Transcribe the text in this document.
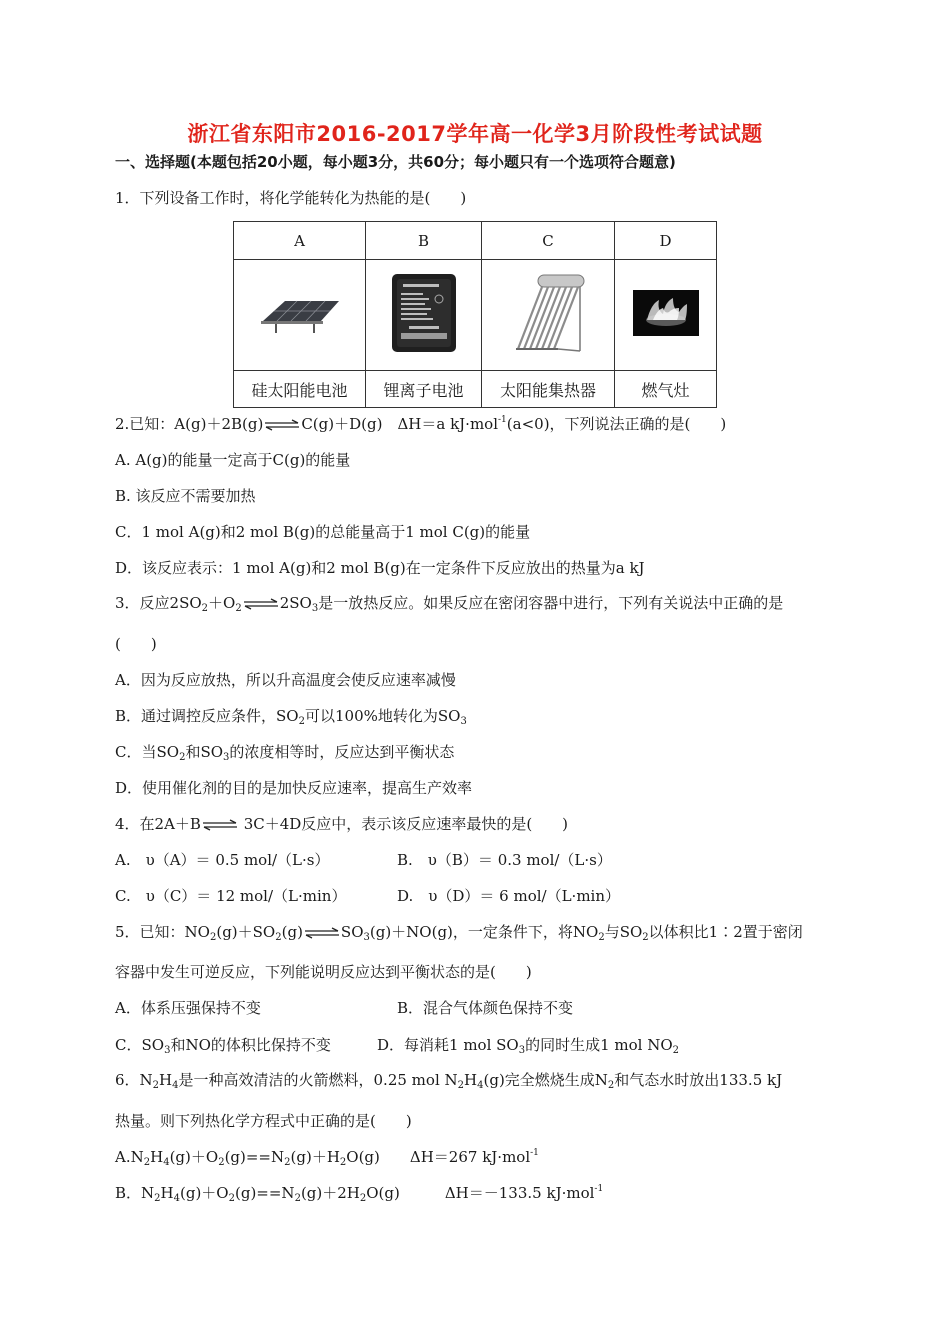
浙江省东阳市2016-2017学年高一化学3月阶段性考试试题
一、选择题(本题包括20小题，每小题3分，共60分；每小题只有一个选项符合题意)
1．下列设备工作时，将化学能转化为热能的是(　　)
A	B	C	D

硅太阳能电池	锂离子电池	太阳能集热器	燃气灶
2.已知：A(g)＋2B(g)⇌C(g)＋D(g)　ΔH＝a kJ·mol$^{-1}$(a<0)，下列说法正确的是(　　)
A. A(g)的能量一定高于C(g)的能量
B. 该反应不需要加热
C．1 mol A(g)和2 mol B(g)的总能量高于1 mol C(g)的能量
D．该反应表示：1 mol A(g)和2 mol B(g)在一定条件下反应放出的热量为a kJ
3．反应$2SO_2+O_2\rightleftharpoons 2SO_3$是一放热反应。如果反应在密闭容器中进行，下列有关说法中正确的是
(　　)
A．因为反应放热，所以升高温度会使反应速率减慢
B．通过调控反应条件，$SO_2$可以100%地转化为$SO_3$
C．当$SO_2$和$SO_3$的浓度相等时，反应达到平衡状态
D．使用催化剂的目的是加快反应速率，提高生产效率
4．在2A＋B⇌ 3C＋4D反应中，表示该反应速率最快的是(　　)
A.　υ（A）＝ 0.5 mol/（L·s）	B.　υ（B）＝ 0.3 mol/（L·s）
C.　υ（C）＝ 12 mol/（L·min）	D.　υ（D）＝ 6 mol/（L·min）
5．已知：$NO_2(g)+SO_2(g)\rightleftharpoons SO_3(g)+NO(g)$，一定条件下，将$NO_2$与$SO_2$以体积比1∶2置于密闭
容器中发生可逆反应，下列能说明反应达到平衡状态的是(　　)
A．体系压强保持不变	B．混合气体颜色保持不变
C．$SO_3$和NO的体积比保持不变	D．每消耗1 mol $SO_3$的同时生成1 mol $NO_2$
6．$N_2H_4$是一种高效清洁的火箭燃料，0.25 mol $N_2H_4(g)$完全燃烧生成$N_2$和气态水时放出133.5 kJ
热量。则下列热化学方程式中正确的是(　　)
$A.N_2H_4(g)+O_2(g)==N_2(g)+H_2O(g)$　　ΔH＝267 kJ·mol$^{-1}$
B．$N_2H_4(g)+O_2(g)==N_2(g)+2H_2O(g)$　　　ΔH＝－133.5 kJ·mol$^{-1}$
